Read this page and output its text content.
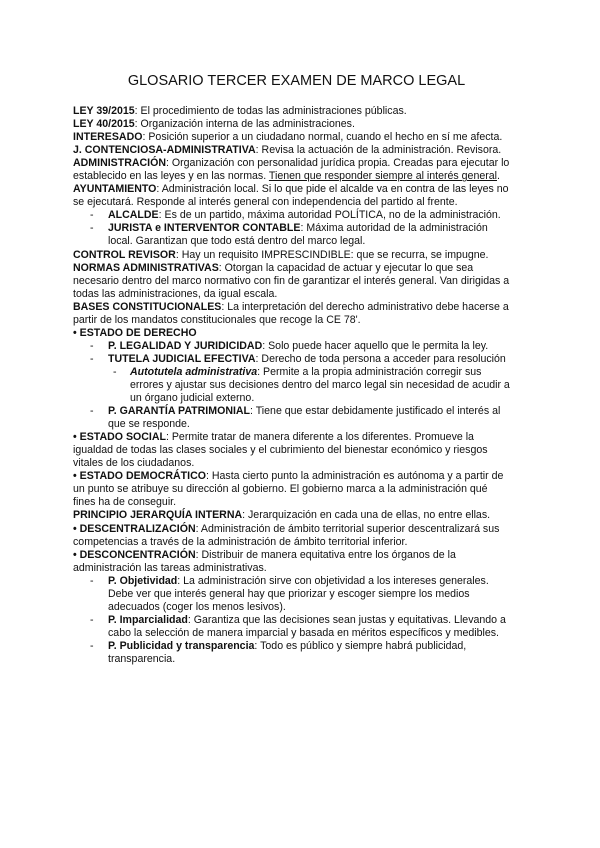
GLOSARIO TERCER EXAMEN DE MARCO LEGAL

LEY 39/2015: El procedimiento de todas las administraciones públicas.

LEY 40/2015: Organización interna de las administraciones.

INTERESADO: Posición superior a un ciudadano normal, cuando el hecho en sí me afecta.

J. CONTENCIOSA-ADMINISTRATIVA: Revisa la actuación de la administración. Revisora.

ADMINISTRACIÓN: Organización con personalidad jurídica propia. Creadas para ejecutar lo establecido en las leyes y en las normas. Tienen que responder siempre al interés general.

AYUNTAMIENTO: Administración local. Si lo que pide el alcalde va en contra de las leyes no se ejecutará. Responde al interés general con independencia del partido al frente.

- ALCALDE: Es de un partido, máxima autoridad POLÍTICA, no de la administración.

- JURISTA e INTERVENTOR CONTABLE: Máxima autoridad de la administración local. Garantizan que todo está dentro del marco legal.

CONTROL REVISOR: Hay un requisito IMPRESCINDIBLE: que se recurra, se impugne.

NORMAS ADMINISTRATIVAS: Otorgan la capacidad de actuar y ejecutar lo que sea necesario dentro del marco normativo con fin de garantizar el interés general. Van dirigidas a todas las administraciones, da igual escala.

BASES CONSTITUCIONALES: La interpretación del derecho administrativo debe hacerse a partir de los mandatos constitucionales que recoge la CE 78'.

• ESTADO DE DERECHO

- P. LEGALIDAD Y JURIDICIDAD: Solo puede hacer aquello que le permita la ley.

- TUTELA JUDICIAL EFECTIVA: Derecho de toda persona a acceder para resolución

- Autotutela administrativa: Permite a la propia administración corregir sus errores y ajustar sus decisiones dentro del marco legal sin necesidad de acudir a un órgano judicial externo.

- P. GARANTÍA PATRIMONIAL: Tiene que estar debidamente justificado el interés al que se responde.

• ESTADO SOCIAL: Permite tratar de manera diferente a los diferentes. Promueve la igualdad de todas las clases sociales y el cubrimiento del bienestar económico y riesgos vitales de los ciudadanos.

• ESTADO DEMOCRÁTICO: Hasta cierto punto la administración es autónoma y a partir de un punto se atribuye su dirección al gobierno. El gobierno marca a la administración qué fines ha de conseguir.

PRINCIPIO JERARQUÍA INTERNA: Jerarquización en cada una de ellas, no entre ellas.

• DESCENTRALIZACIÓN: Administración de ámbito territorial superior descentralizará sus competencias a través de la administración de ámbito territorial inferior.

• DESCONCENTRACIÓN: Distribuir de manera equitativa entre los órganos de la administración las tareas administrativas.

- P. Objetividad: La administración sirve con objetividad a los intereses generales. Debe ver que interés general hay que priorizar y escoger siempre los medios adecuados (coger los menos lesivos).

- P. Imparcialidad: Garantiza que las decisiones sean justas y equitativas. Llevando a cabo la selección de manera imparcial y basada en méritos específicos y medibles.

- P. Publicidad y transparencia: Todo es público y siempre habrá publicidad, transparencia.
